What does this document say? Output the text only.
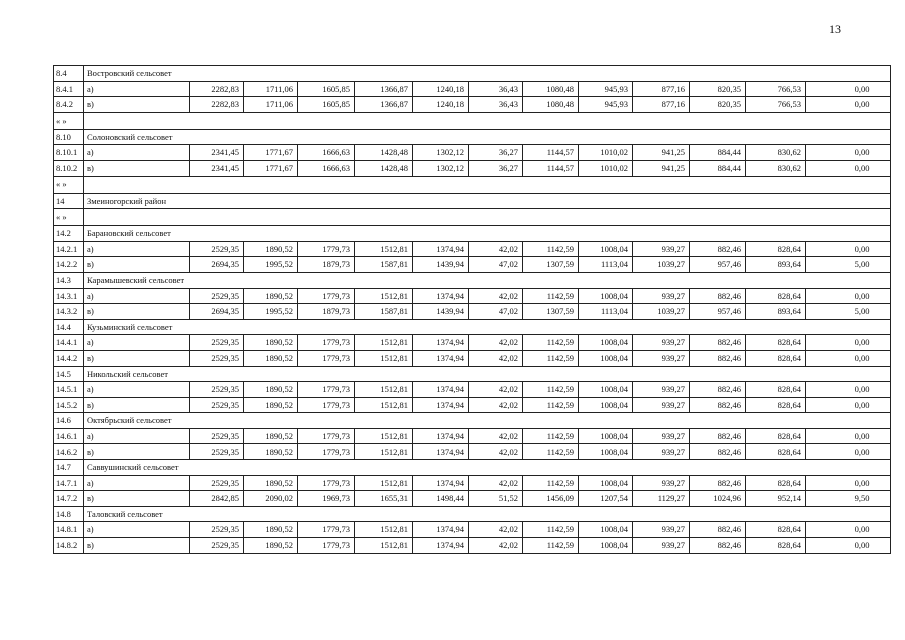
13
8.4	Востровский сельсовет												
8.4.1	а)	2282,83	1711,06	1605,85	1366,87	1240,18	36,43	1080,48	945,93	877,16	820,35	766,53	0,00
8.4.2	в)	2282,83	1711,06	1605,85	1366,87	1240,18	36,43	1080,48	945,93	877,16	820,35	766,53	0,00
« »													
8.10	Солоновский сельсовет												
8.10.1	а)	2341,45	1771,67	1666,63	1428,48	1302,12	36,27	1144,57	1010,02	941,25	884,44	830,62	0,00
8.10.2	в)	2341,45	1771,67	1666,63	1428,48	1302,12	36,27	1144,57	1010,02	941,25	884,44	830,62	0,00
« »													
14	Змеиногорский район												
« »													
14.2	Барановский сельсовет												
14.2.1	а)	2529,35	1890,52	1779,73	1512,81	1374,94	42,02	1142,59	1008,04	939,27	882,46	828,64	0,00
14.2.2	в)	2694,35	1995,52	1879,73	1587,81	1439,94	47,02	1307,59	1113,04	1039,27	957,46	893,64	5,00
14.3	Карамышевский сельсовет												
14.3.1	а)	2529,35	1890,52	1779,73	1512,81	1374,94	42,02	1142,59	1008,04	939,27	882,46	828,64	0,00
14.3.2	в)	2694,35	1995,52	1879,73	1587,81	1439,94	47,02	1307,59	1113,04	1039,27	957,46	893,64	5,00
14.4	Кузьминский сельсовет												
14.4.1	а)	2529,35	1890,52	1779,73	1512,81	1374,94	42,02	1142,59	1008,04	939,27	882,46	828,64	0,00
14.4.2	в)	2529,35	1890,52	1779,73	1512,81	1374,94	42,02	1142,59	1008,04	939,27	882,46	828,64	0,00
14.5	Никольский сельсовет												
14.5.1	а)	2529,35	1890,52	1779,73	1512,81	1374,94	42,02	1142,59	1008,04	939,27	882,46	828,64	0,00
14.5.2	в)	2529,35	1890,52	1779,73	1512,81	1374,94	42,02	1142,59	1008,04	939,27	882,46	828,64	0,00
14.6	Октябрьский сельсовет												
14.6.1	а)	2529,35	1890,52	1779,73	1512,81	1374,94	42,02	1142,59	1008,04	939,27	882,46	828,64	0,00
14.6.2	в)	2529,35	1890,52	1779,73	1512,81	1374,94	42,02	1142,59	1008,04	939,27	882,46	828,64	0,00
14.7	Саввушинский сельсовет												
14.7.1	а)	2529,35	1890,52	1779,73	1512,81	1374,94	42,02	1142,59	1008,04	939,27	882,46	828,64	0,00
14.7.2	в)	2842,85	2090,02	1969,73	1655,31	1498,44	51,52	1456,09	1207,54	1129,27	1024,96	952,14	9,50
14.8	Таловский сельсовет												
14.8.1	а)	2529,35	1890,52	1779,73	1512,81	1374,94	42,02	1142,59	1008,04	939,27	882,46	828,64	0,00
14.8.2	в)	2529,35	1890,52	1779,73	1512,81	1374,94	42,02	1142,59	1008,04	939,27	882,46	828,64	0,00
